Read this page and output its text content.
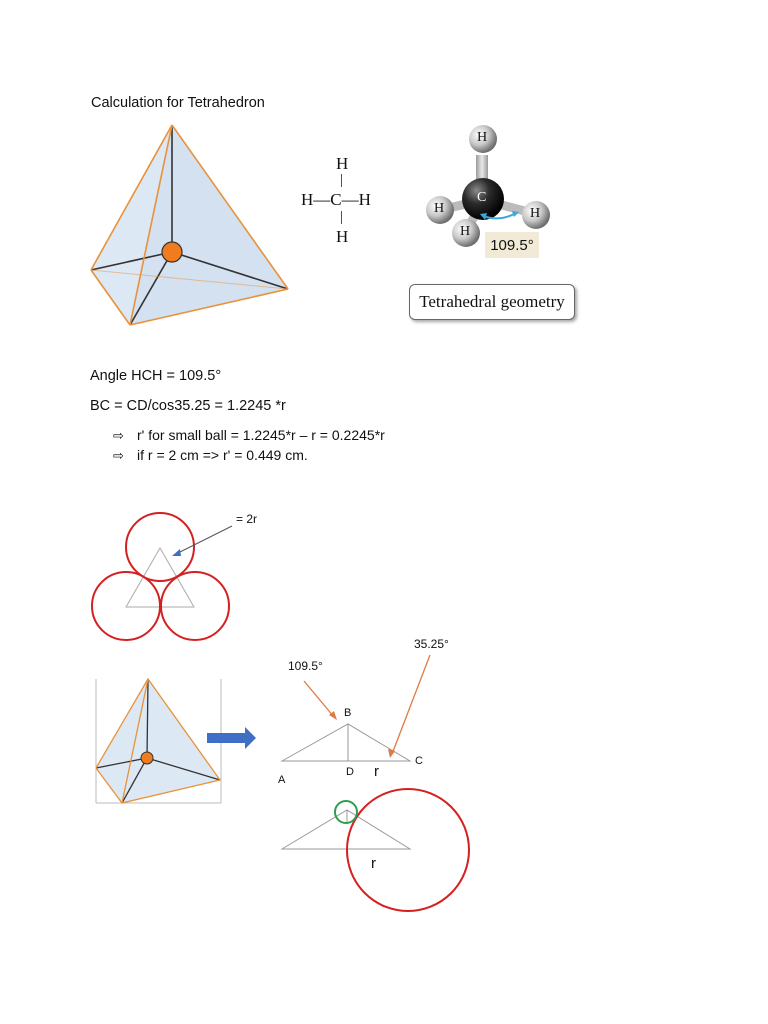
Calculation for Tetrahedron
H
|
H—C—H
|
H
H
H	H
H
C
109.5°
Tetrahedral geometry
Angle HCH = 109.5°
BC = CD/cos35.25 = 1.2245 *r
⇨ r' for small ball = 1.2245*r – r = 0.2245*r
⇨ if r = 2 cm => r' = 0.449 cm.
= 2r
109.5°
35.25°
B
A
D
C
r
r
